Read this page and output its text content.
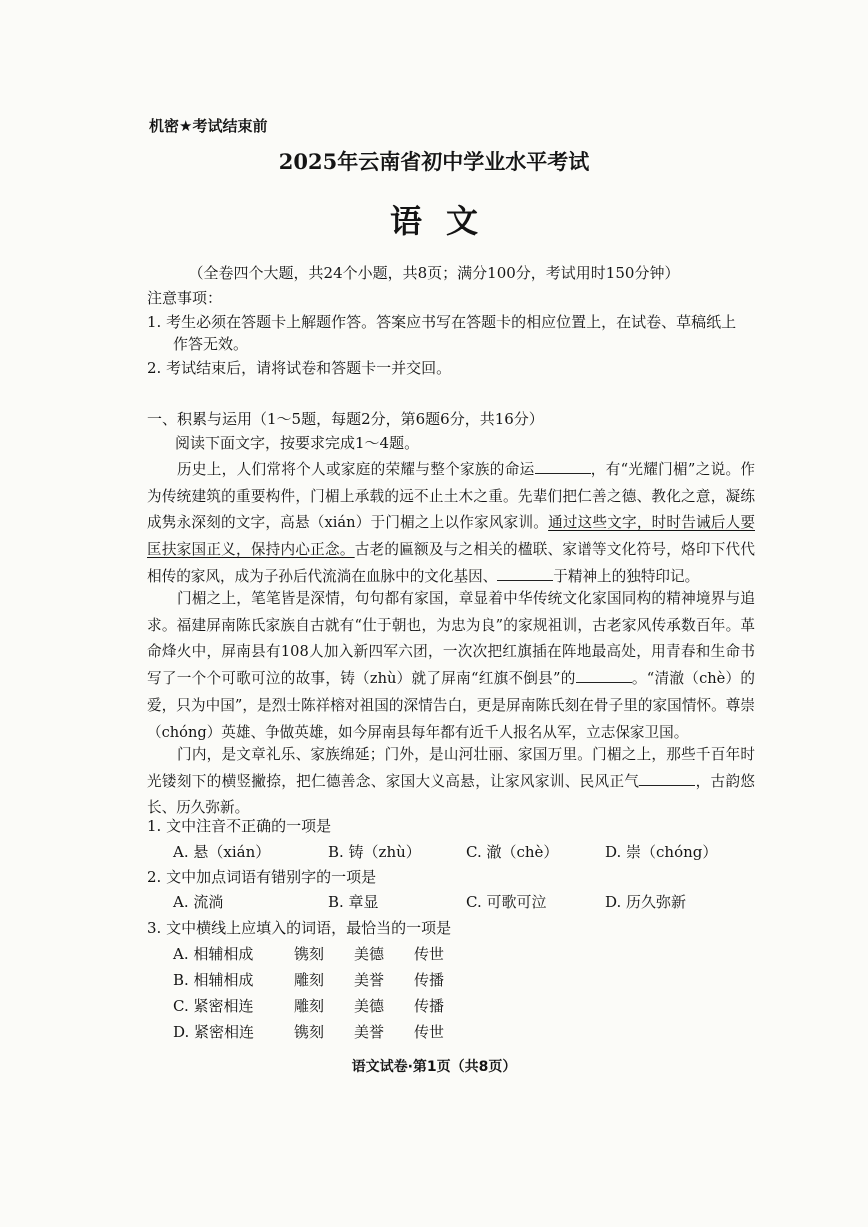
机密★考试结束前
2025年云南省初中学业水平考试
语文
（全卷四个大题，共24个小题，共8页；满分100分，考试用时150分钟）
注意事项：
1. 考生必须在答题卡上解题作答。答案应书写在答题卡的相应位置上，在试卷、草稿纸上
作答无效。
2. 考试结束后，请将试卷和答题卡一并交回。
一、积累与运用（1～5题，每题2分，第6题6分，共16分）
阅读下面文字，按要求完成1～4题。

历史上，人们常将个人或家庭的荣耀与整个家族的命运	，有“光耀门楣”之说。作为传统建筑的重要构件，门楣上承载的远不止土木之重。先辈们把仁善之德、教化之意，凝练成隽永深刻的文字，高悬（xián）于门楣之上以作家风家训。通过这些文字，时时告诫后人要匡扶家国正义，保持内心正念。古老的匾额及与之相关的楹联、家谱等文化符号，烙印下代代相传的家风，成为子孙后代流淌在血脉中的文化基因、	于精神上的独特印记。

门楣之上，笔笔皆是深情，句句都有家国，章显着中华传统文化家国同构的精神境界与追求。福建屏南陈氏家族自古就有“仕于朝也，为忠为良”的家规祖训，古老家风传承数百年。革命烽火中，屏南县有108人加入新四军六团，一次次把红旗插在阵地最高处，用青春和生命书写了一个个可歌可泣的故事，铸（zhù）就了屏南“红旗不倒县”的	。“清澈（chè）的爱，只为中国”，是烈士陈祥榕对祖国的深情告白，更是屏南陈氏刻在骨子里的家国情怀。尊崇（chóng）英雄、争做英雄，如今屏南县每年都有近千人报名从军，立志保家卫国。

门内，是文章礼乐、家族绵延；门外，是山河壮丽、家国万里。门楣之上，那些千百年时光镂刻下的横竖撇捺，把仁德善念、家国大义高悬，让家风家训、民风正气	，古韵悠长、历久弥新。

1. 文中注音不正确的一项是
A. 悬（xián）	B. 铸（zhù）	C. 澈（chè）	D. 崇（chóng）
2. 文中加点词语有错别字的一项是
A. 流淌	B. 章显	C. 可歌可泣	D. 历久弥新
3. 文中横线上应填入的词语，最恰当的一项是
A. 相辅相成	镌刻 美德 传世
B. 相辅相成	雕刻 美誉 传播
C. 紧密相连	雕刻 美德 传播
D. 紧密相连	镌刻 美誉 传世
语文试卷·第1页（共8页）
